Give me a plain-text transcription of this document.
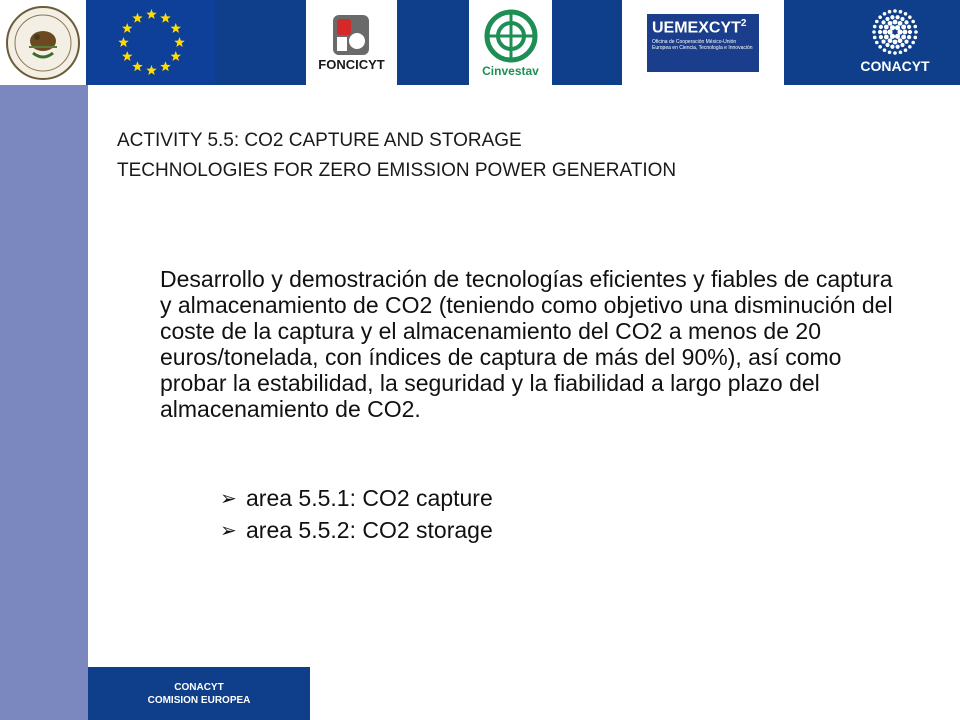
FONCICYT	Cinvestav
UEMEXCYT$^2$
Oficina de Cooperación México-Unión Europea en Ciencia, Tecnología e Innovación
CONACYT
ACTIVITY 5.5: CO2 CAPTURE AND STORAGE
TECHNOLOGIES FOR ZERO EMISSION POWER GENERATION
Desarrollo y demostración de tecnologías eficientes y fiables de captura y almacenamiento de CO2 (teniendo como objetivo una disminución del coste de la captura y el almacenamiento del CO2 a menos de 20 euros/tonelada, con índices de captura de más del 90%), así como probar la estabilidad, la seguridad y la fiabilidad a largo plazo del almacenamiento de CO2.
➢ area 5.5.1: CO2 capture
➢ area 5.5.2: CO2 storage
CONACYT
COMISION EUROPEA
